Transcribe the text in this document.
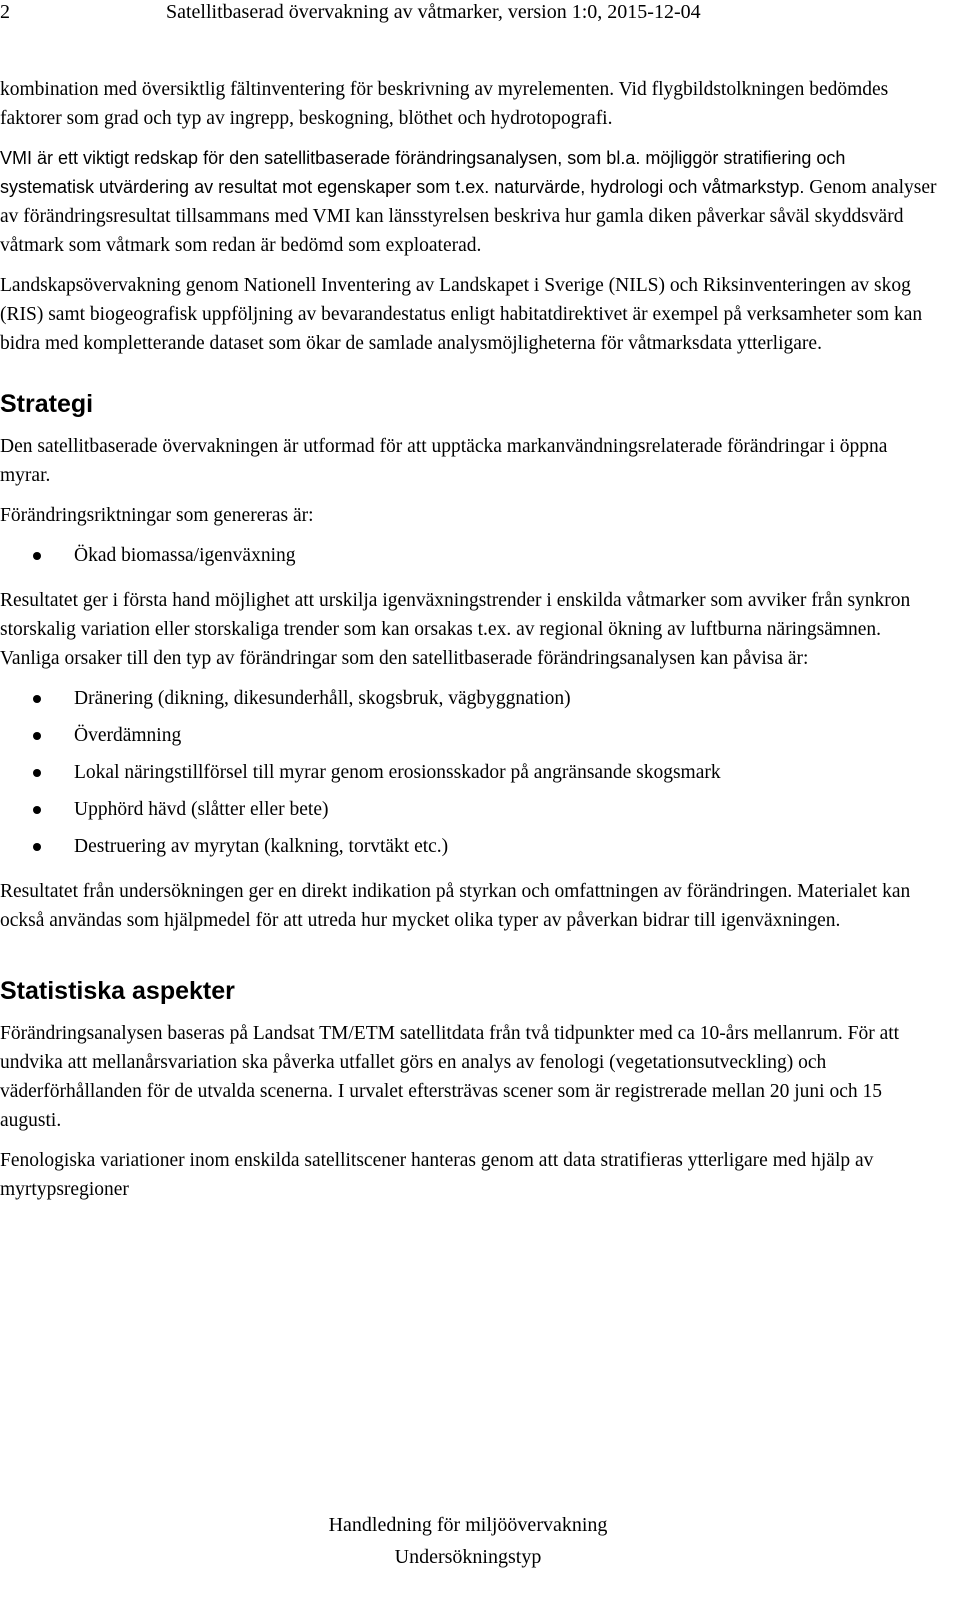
2	Satellitbaserad övervakning av våtmarker, version 1:0, 2015-12-04

kombination med översiktlig fältinventering för beskrivning av myrelementen. Vid flygbildstolkningen bedömdes faktorer som grad och typ av ingrepp, beskogning, blöthet och hydrotopografi.

VMI är ett viktigt redskap för den satellitbaserade förändringsanalysen, som bl.a. möjliggör stratifiering och systematisk utvärdering av resultat mot egenskaper som t.ex. naturvärde, hydrologi och våtmarkstyp. Genom analyser av förändringsresultat tillsammans med VMI kan länsstyrelsen beskriva hur gamla diken påverkar såväl skyddsvärd våtmark som våtmark som redan är bedömd som exploaterad.

Landskapsövervakning genom Nationell Inventering av Landskapet i Sverige (NILS) och Riksinventeringen av skog (RIS) samt biogeografisk uppföljning av bevarandestatus enligt habitatdirektivet är exempel på verksamheter som kan bidra med kompletterande dataset som ökar de samlade analysmöjligheterna för våtmarksdata ytterligare.

Strategi

Den satellitbaserade övervakningen är utformad för att upptäcka markanvändningsrelaterade förändringar i öppna myrar.

Förändringsriktningar som genereras är:

Ökad biomassa/igenväxning

Resultatet ger i första hand möjlighet att urskilja igenväxningstrender i enskilda våtmarker som avviker från synkron storskalig variation eller storskaliga trender som kan orsakas t.ex. av regional ökning av luftburna näringsämnen. Vanliga orsaker till den typ av förändringar som den satellitbaserade förändringsanalysen kan påvisa är:

Dränering (dikning, dikesunderhåll, skogsbruk, vägbyggnation)
Överdämning
Lokal näringstillförsel till myrar genom erosionsskador på angränsande skogsmark
Upphörd hävd (slåtter eller bete)
Destruering av myrytan (kalkning, torvtäkt etc.)

Resultatet från undersökningen ger en direkt indikation på styrkan och omfattningen av förändringen. Materialet kan också användas som hjälpmedel för att utreda hur mycket olika typer av påverkan bidrar till igenväxningen.

Statistiska aspekter

Förändringsanalysen baseras på Landsat TM/ETM satellitdata från två tidpunkter med ca 10-års mellanrum. För att undvika att mellanårsvariation ska påverka utfallet görs en analys av fenologi (vegetationsutveckling) och väderförhållanden för de utvalda scenerna. I urvalet eftersträvas scener som är registrerade mellan 20 juni och 15 augusti.

Fenologiska variationer inom enskilda satellitscener hanteras genom att data stratifieras ytterligare med hjälp av myrtypsregioner

Handledning för miljöövervakning
Undersökningstyp
